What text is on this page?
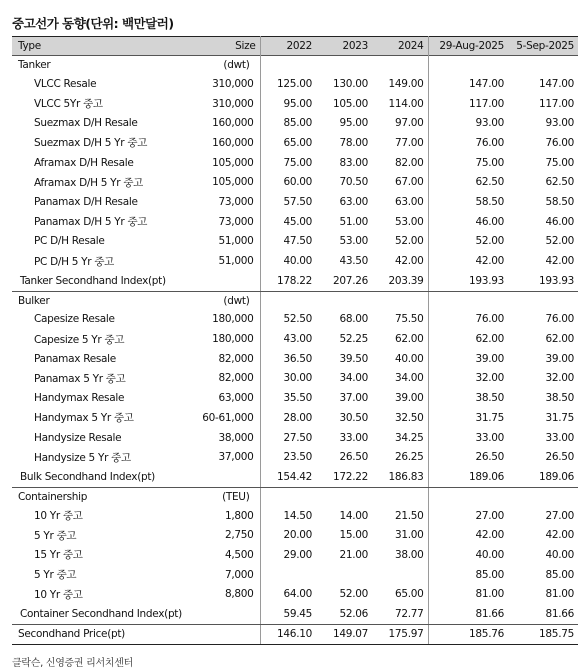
중고선가 동향(단위: 백만달러)
Type	Size	2022	2023	2024	29-Aug-2025	5-Sep-2025
Tanker	(dwt)					
VLCC Resale	310,000	125.00	130.00	149.00	147.00	147.00
VLCC 5Yr 중고	310,000	95.00	105.00	114.00	117.00	117.00
Suezmax D/H Resale	160,000	85.00	95.00	97.00	93.00	93.00
Suezmax D/H 5 Yr 중고	160,000	65.00	78.00	77.00	76.00	76.00
Aframax D/H Resale	105,000	75.00	83.00	82.00	75.00	75.00
Aframax D/H 5 Yr 중고	105,000	60.00	70.50	67.00	62.50	62.50
Panamax D/H Resale	73,000	57.50	63.00	63.00	58.50	58.50
Panamax D/H 5 Yr 중고	73,000	45.00	51.00	53.00	46.00	46.00
PC D/H Resale	51,000	47.50	53.00	52.00	52.00	52.00
PC D/H 5 Yr 중고	51,000	40.00	43.50	42.00	42.00	42.00
Tanker Secondhand Index(pt)		178.22	207.26	203.39	193.93	193.93
Bulker	(dwt)					
Capesize Resale	180,000	52.50	68.00	75.50	76.00	76.00
Capesize 5 Yr 중고	180,000	43.00	52.25	62.00	62.00	62.00
Panamax Resale	82,000	36.50	39.50	40.00	39.00	39.00
Panamax 5 Yr 중고	82,000	30.00	34.00	34.00	32.00	32.00
Handymax Resale	63,000	35.50	37.00	39.00	38.50	38.50
Handymax 5 Yr 중고	60-61,000	28.00	30.50	32.50	31.75	31.75
Handysize Resale	38,000	27.50	33.00	34.25	33.00	33.00
Handysize 5 Yr 중고	37,000	23.50	26.50	26.25	26.50	26.50
Bulk Secondhand Index(pt)		154.42	172.22	186.83	189.06	189.06
Containership	(TEU)					
10 Yr 중고	1,800	14.50	14.00	21.50	27.00	27.00
5 Yr 중고	2,750	20.00	15.00	31.00	42.00	42.00
15 Yr 중고	4,500	29.00	21.00	38.00	40.00	40.00
5 Yr 중고	7,000				85.00	85.00
10 Yr 중고	8,800	64.00	52.00	65.00	81.00	81.00
Container Secondhand Index(pt)		59.45	52.06	72.77	81.66	81.66
Secondhand Price(pt)		146.10	149.07	175.97	185.76	185.75
클락슨, 신영증권 리서치센터
